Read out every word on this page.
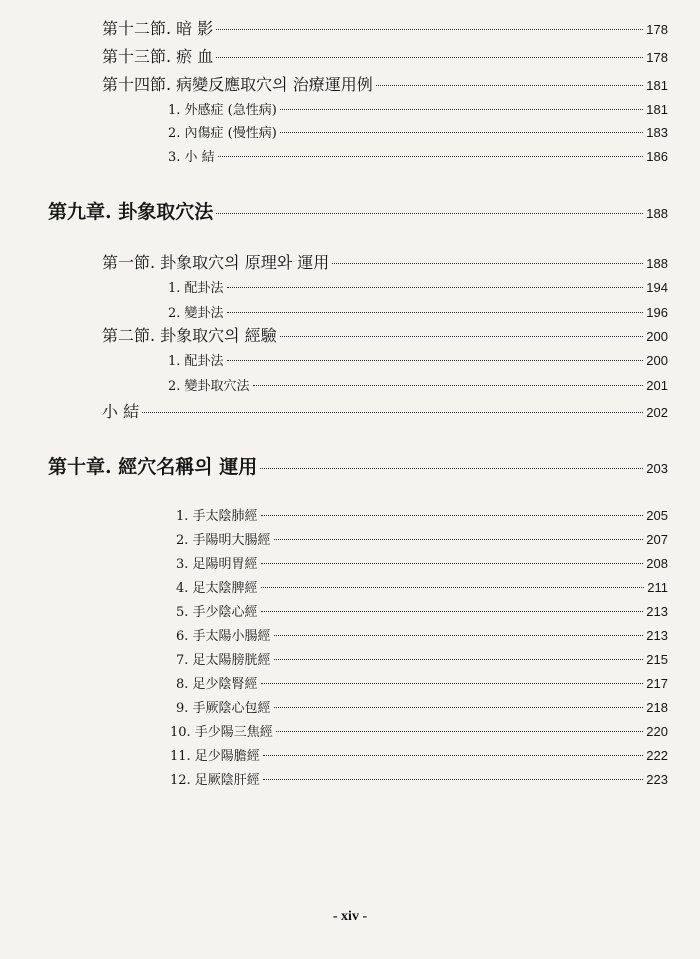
第十二節. 暗 影	178
第十三節. 瘀 血	178
第十四節. 病變反應取穴의 治療運用例	181
1. 外感症 (急性病)	181
2. 內傷症 (慢性病)	183
3. 小 結	186
第九章. 卦象取穴法	188
第一節. 卦象取穴의 原理와 運用	188
1. 配卦法	194
2. 變卦法	196
第二節. 卦象取穴의 經驗	200
1. 配卦法	200
2. 變卦取穴法	201
小 結	202
第十章. 經穴名稱의 運用	203
1. 手太陰肺經	205
2. 手陽明大腸經	207
3. 足陽明胃經	208
4. 足太陰脾經	211
5. 手少陰心經	213
6. 手太陽小腸經	213
7. 足太陽膀胱經	215
8. 足少陰腎經	217
9. 手厥陰心包經	218
10. 手少陽三焦經	220
11. 足少陽膽經	222
12. 足厥陰肝經	223
- xiv -
